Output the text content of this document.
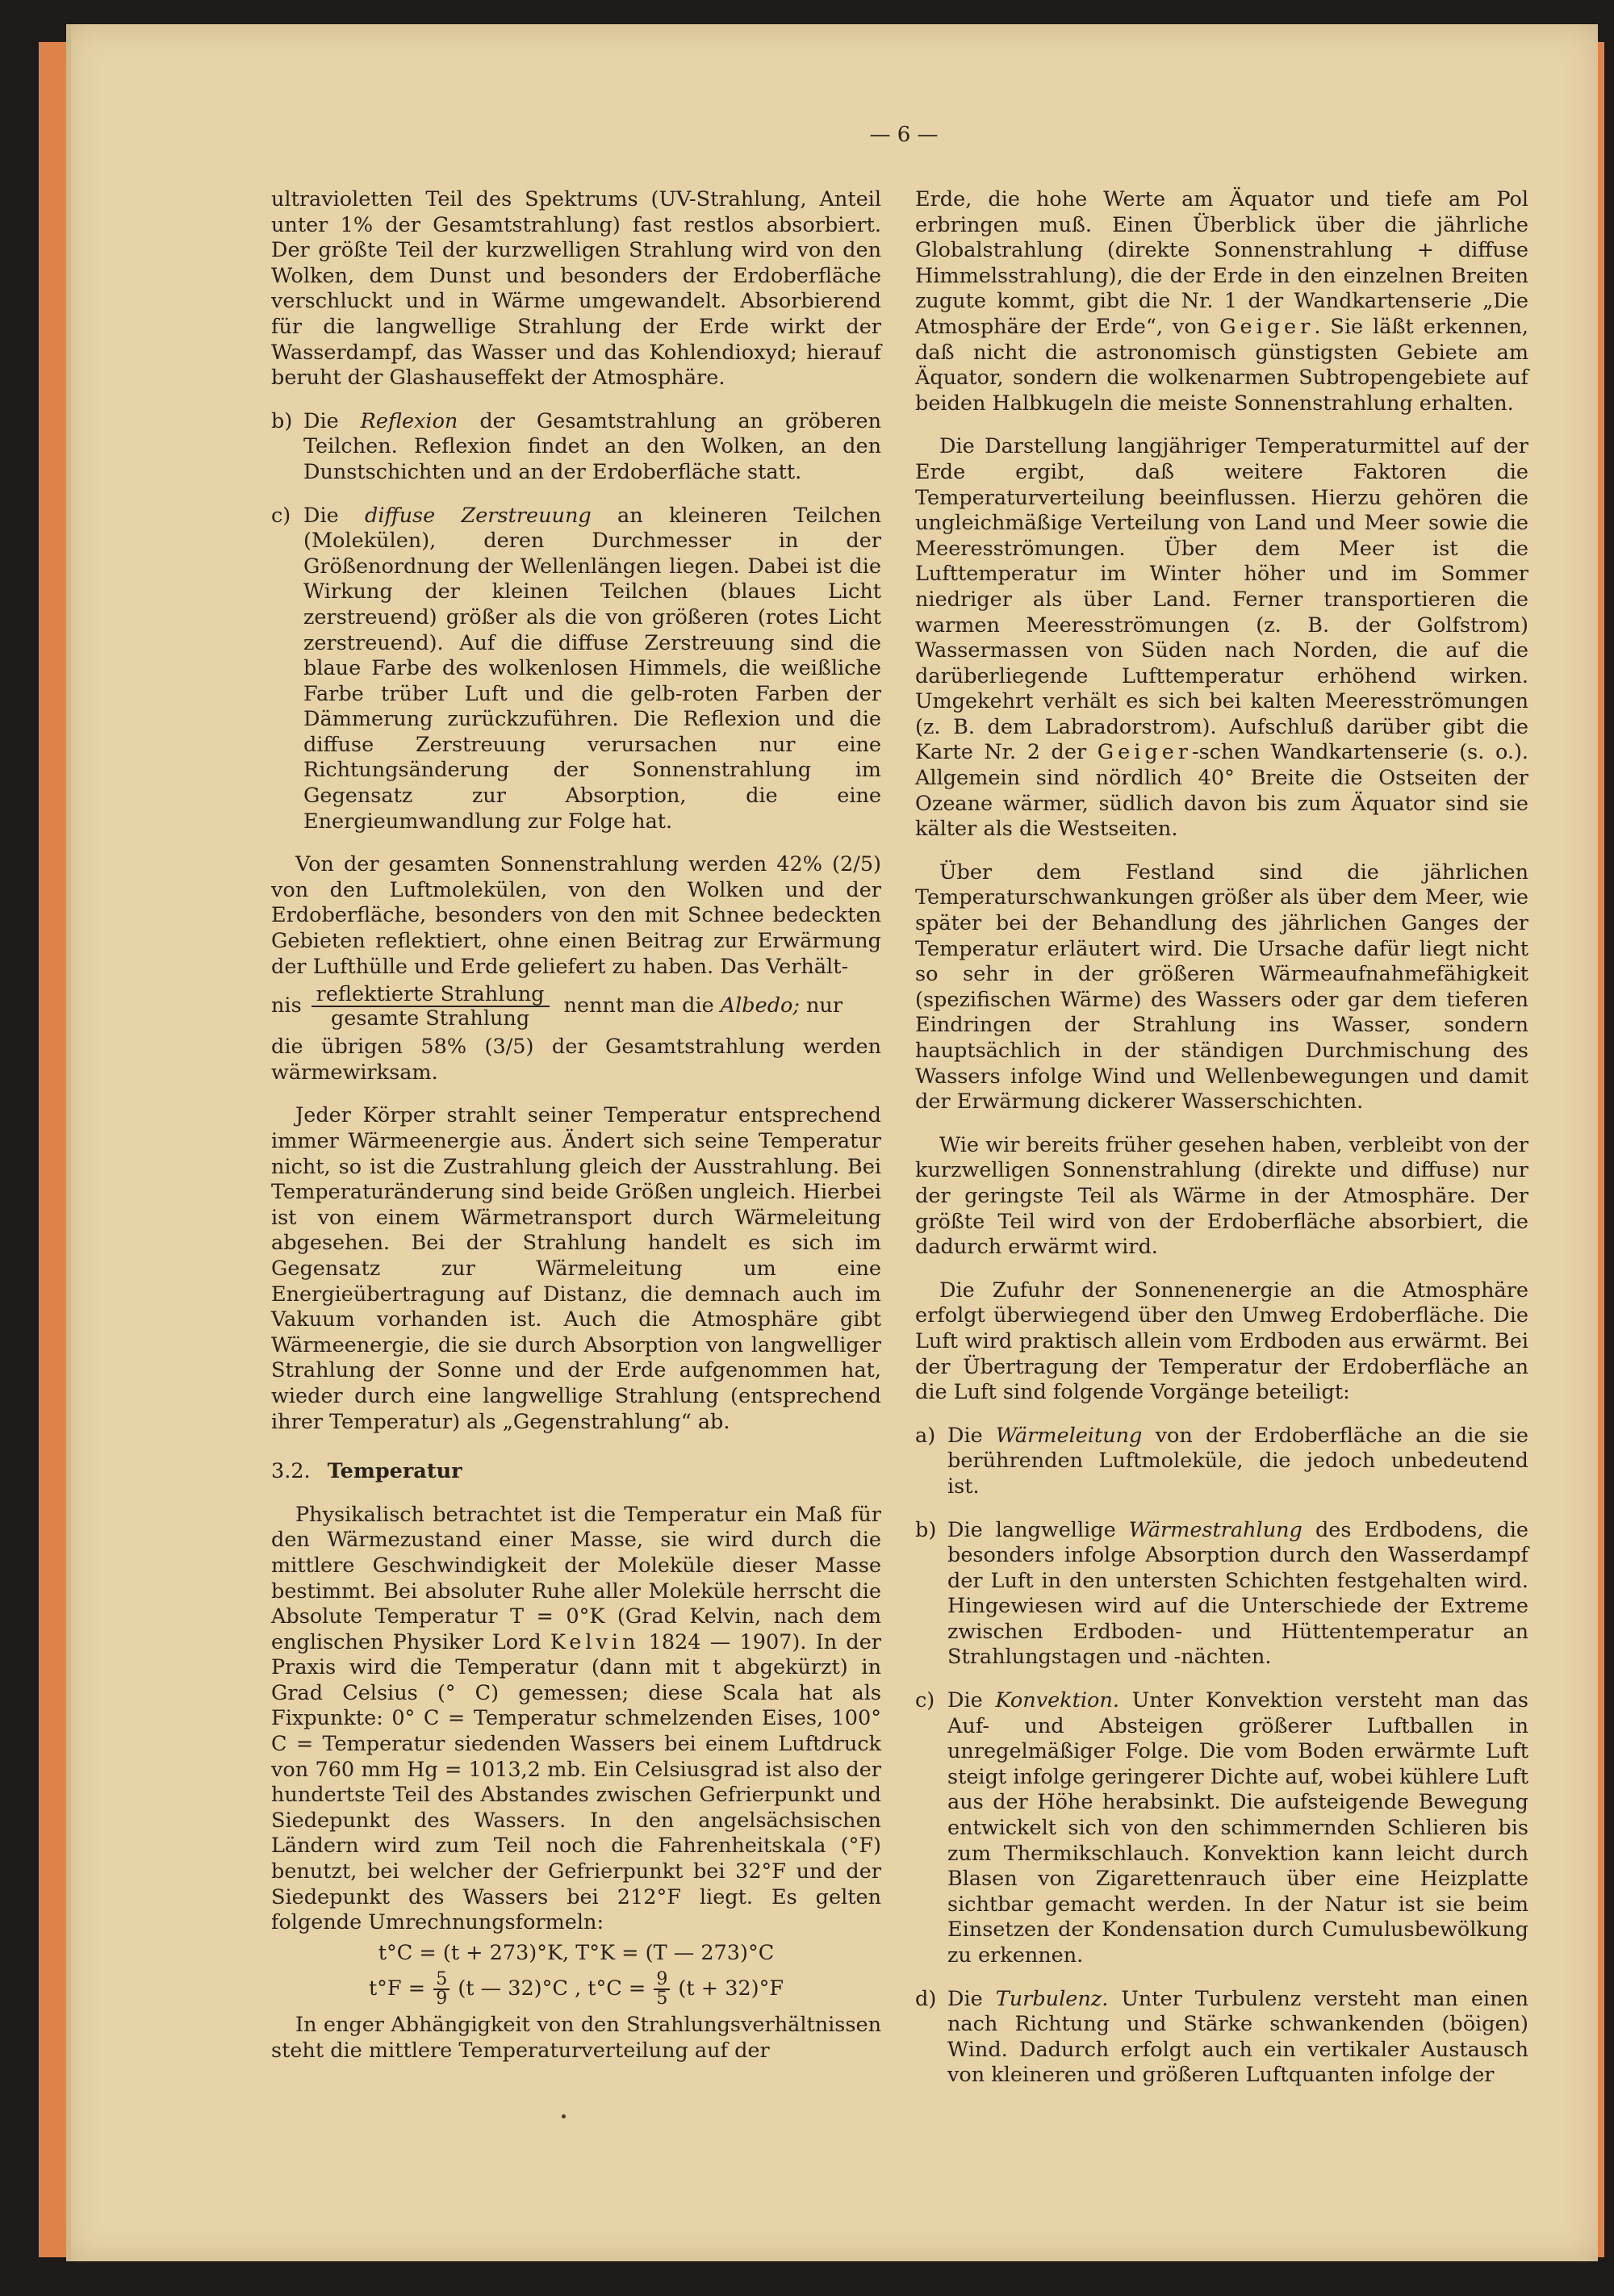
— 6 —

ultravioletten Teil des Spektrums (UV-Strahlung, Anteil unter 1% der Gesamtstrahlung) fast restlos absorbiert. Der größte Teil der kurzwelligen Strahlung wird von den Wolken, dem Dunst und besonders der Erdoberfläche verschluckt und in Wärme umgewandelt. Absorbierend für die langwellige Strahlung der Erde wirkt der Wasserdampf, das Wasser und das Kohlendioxyd; hierauf beruht der Glashauseffekt der Atmosphäre.

b) Die Reflexion der Gesamtstrahlung an gröberen Teilchen. Reflexion findet an den Wolken, an den Dunstschichten und an der Erdoberfläche statt.
c) Die diffuse Zerstreuung an kleineren Teilchen (Molekülen), deren Durchmesser in der Größenordnung der Wellenlängen liegen. Dabei ist die Wirkung der kleinen Teilchen (blaues Licht zerstreuend) größer als die von größeren (rotes Licht zerstreuend). Auf die diffuse Zerstreuung sind die blaue Farbe des wolkenlosen Himmels, die weißliche Farbe trüber Luft und die gelb-roten Farben der Dämmerung zurückzuführen. Die Reflexion und die diffuse Zerstreuung verursachen nur eine Richtungsänderung der Sonnenstrahlung im Gegensatz zur Absorption, die eine Energieumwandlung zur Folge hat.
Von der gesamten Sonnenstrahlung werden 42% (2/5) von den Luftmolekülen, von den Wolken und der Erdoberfläche, besonders von den mit Schnee bedeckten Gebieten reflektiert, ohne einen Beitrag zur Erwärmung der Lufthülle und Erde geliefert zu haben. Das Verhält-
nis $\frac{\text{reflektierte Strahlung}}{\text{gesamte Strahlung}}$ nennt man die Albedo; nur
die übrigen 58% (3/5) der Gesamtstrahlung werden wärmewirksam.

Jeder Körper strahlt seiner Temperatur entsprechend immer Wärmeenergie aus. Ändert sich seine Temperatur nicht, so ist die Zustrahlung gleich der Ausstrahlung. Bei Temperaturänderung sind beide Größen ungleich. Hierbei ist von einem Wärmetransport durch Wärmeleitung abgesehen. Bei der Strahlung handelt es sich im Gegensatz zur Wärmeleitung um eine Energieübertragung auf Distanz, die demnach auch im Vakuum vorhanden ist. Auch die Atmosphäre gibt Wärmeenergie, die sie durch Absorption von langwelliger Strahlung der Sonne und der Erde aufgenommen hat, wieder durch eine langwellige Strahlung (entsprechend ihrer Temperatur) als „Gegenstrahlung“ ab.

3.2. Temperatur

Physikalisch betrachtet ist die Temperatur ein Maß für den Wärmezustand einer Masse, sie wird durch die mittlere Geschwindigkeit der Moleküle dieser Masse bestimmt. Bei absoluter Ruhe aller Moleküle herrscht die Absolute Temperatur T = 0°K (Grad Kelvin, nach dem englischen Physiker Lord Kelvin 1824 — 1907). In der Praxis wird die Temperatur (dann mit t abgekürzt) in Grad Celsius (° C) gemessen; diese Scala hat als Fixpunkte: 0° C = Temperatur schmelzenden Eises, 100° C = Temperatur siedenden Wassers bei einem Luftdruck von 760 mm Hg = 1013,2 mb. Ein Celsiusgrad ist also der hundertste Teil des Abstandes zwischen Gefrierpunkt und Siedepunkt des Wassers. In den angelsächsischen Ländern wird zum Teil noch die Fahrenheitskala (°F) benutzt, bei welcher der Gefrierpunkt bei 32°F und der Siedepunkt des Wassers bei 212°F liegt. Es gelten folgende Umrechnungsformeln:

t°C = (t + 273)°K, T°K = (T — 273)°C
$t^\circ F = \frac{5}{9} (t$ — 32)°C , $t^\circ C = \frac{9}{5} (t + 32)^\circ F$

In enger Abhängigkeit von den Strahlungsverhältnissen steht die mittlere Temperaturverteilung auf der

Erde, die hohe Werte am Äquator und tiefe am Pol erbringen muß. Einen Überblick über die jährliche Globalstrahlung (direkte Sonnenstrahlung + diffuse Himmelsstrahlung), die der Erde in den einzelnen Breiten zugute kommt, gibt die Nr. 1 der Wandkartenserie „Die Atmosphäre der Erde“, von Geiger. Sie läßt erkennen, daß nicht die astronomisch günstigsten Gebiete am Äquator, sondern die wolkenarmen Subtropengebiete auf beiden Halbkugeln die meiste Sonnenstrahlung erhalten.

Die Darstellung langjähriger Temperaturmittel auf der Erde ergibt, daß weitere Faktoren die Temperaturverteilung beeinflussen. Hierzu gehören die ungleichmäßige Verteilung von Land und Meer sowie die Meeresströmungen. Über dem Meer ist die Lufttemperatur im Winter höher und im Sommer niedriger als über Land. Ferner transportieren die warmen Meeresströmungen (z. B. der Golfstrom) Wassermassen von Süden nach Norden, die auf die darüberliegende Lufttemperatur erhöhend wirken. Umgekehrt verhält es sich bei kalten Meeresströmungen (z. B. dem Labradorstrom). Aufschluß darüber gibt die Karte Nr. 2 der Geiger-schen Wandkartenserie (s. o.). Allgemein sind nördlich 40° Breite die Ostseiten der Ozeane wärmer, südlich davon bis zum Äquator sind sie kälter als die Westseiten.

Über dem Festland sind die jährlichen Temperaturschwankungen größer als über dem Meer, wie später bei der Behandlung des jährlichen Ganges der Temperatur erläutert wird. Die Ursache dafür liegt nicht so sehr in der größeren Wärmeaufnahmefähigkeit (spezifischen Wärme) des Wassers oder gar dem tieferen Eindringen der Strahlung ins Wasser, sondern hauptsächlich in der ständigen Durchmischung des Wassers infolge Wind und Wellenbewegungen und damit der Erwärmung dickerer Wasserschichten.

Wie wir bereits früher gesehen haben, verbleibt von der kurzwelligen Sonnenstrahlung (direkte und diffuse) nur der geringste Teil als Wärme in der Atmosphäre. Der größte Teil wird von der Erdoberfläche absorbiert, die dadurch erwärmt wird.

Die Zufuhr der Sonnenenergie an die Atmosphäre erfolgt überwiegend über den Umweg Erdoberfläche. Die Luft wird praktisch allein vom Erdboden aus erwärmt. Bei der Übertragung der Temperatur der Erdoberfläche an die Luft sind folgende Vorgänge beteiligt:

a) Die Wärmeleitung von der Erdoberfläche an die sie berührenden Luftmoleküle, die jedoch unbedeutend ist.
b) Die langwellige Wärmestrahlung des Erdbodens, die besonders infolge Absorption durch den Wasserdampf der Luft in den untersten Schichten festgehalten wird. Hingewiesen wird auf die Unterschiede der Extreme zwischen Erdboden- und Hüttentemperatur an Strahlungstagen und -nächten.
c) Die Konvektion. Unter Konvektion versteht man das Auf- und Absteigen größerer Luftballen in unregelmäßiger Folge. Die vom Boden erwärmte Luft steigt infolge geringerer Dichte auf, wobei kühlere Luft aus der Höhe herabsinkt. Die aufsteigende Bewegung entwickelt sich von den schimmernden Schlieren bis zum Thermikschlauch. Konvektion kann leicht durch Blasen von Zigarettenrauch über eine Heizplatte sichtbar gemacht werden. In der Natur ist sie beim Einsetzen der Kondensation durch Cumulusbewölkung zu erkennen.
d) Die Turbulenz. Unter Turbulenz versteht man einen nach Richtung und Stärke schwankenden (böigen) Wind. Dadurch erfolgt auch ein vertikaler Austausch von kleineren und größeren Luftquanten infolge der
